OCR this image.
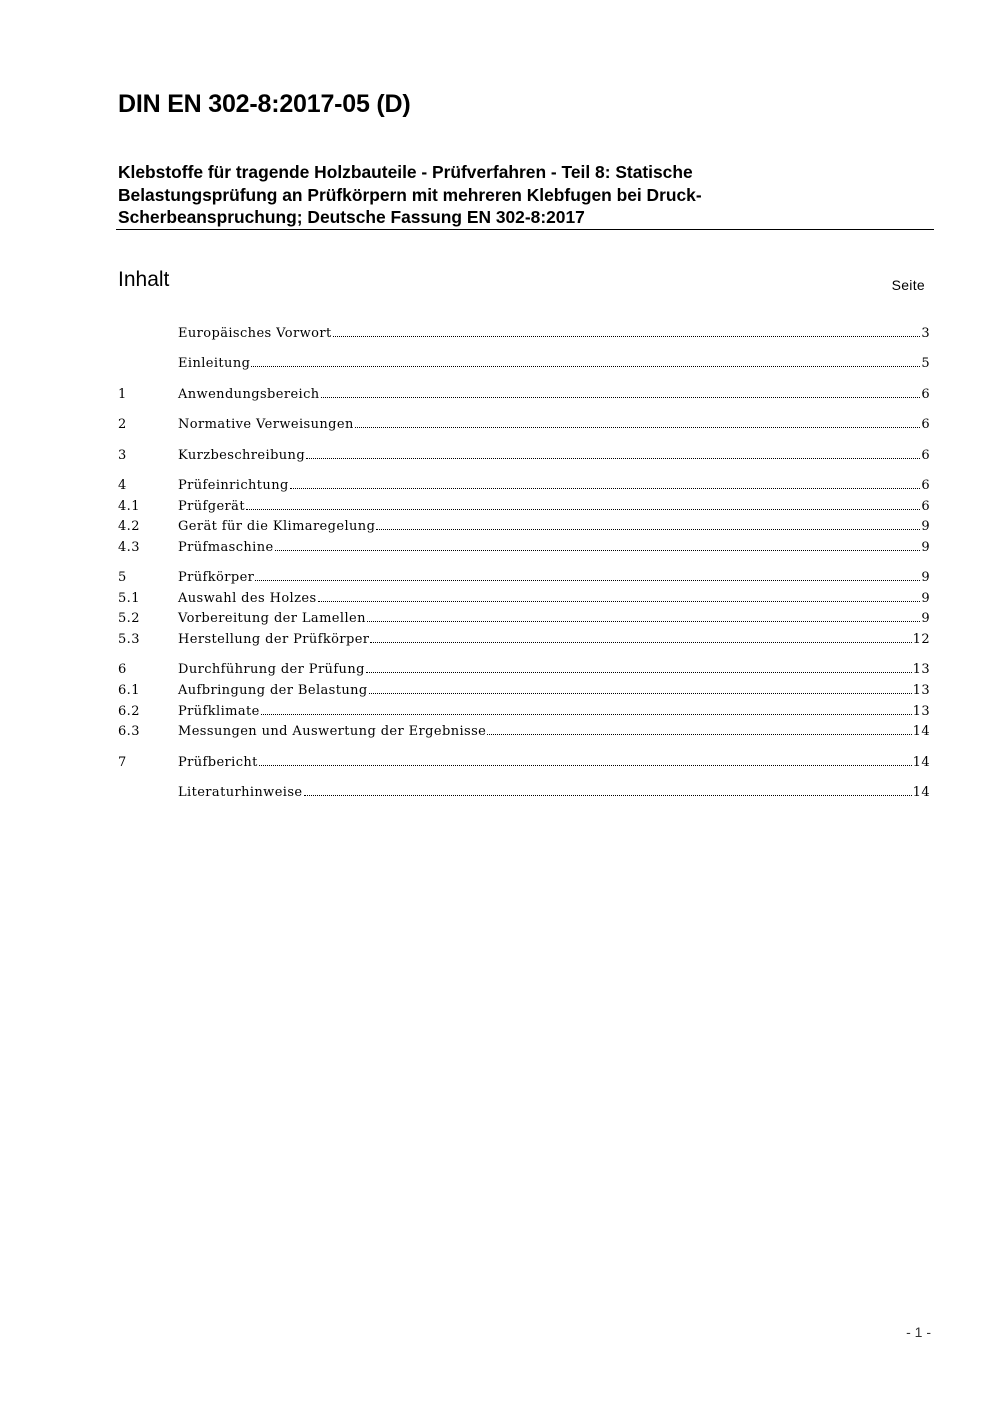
DIN EN 302-8:2017-05 (D)
Klebstoffe für tragende Holzbauteile - Prüfverfahren - Teil 8: Statische
Belastungsprüfung an Prüfkörpern mit mehreren Klebfugen bei Druck-
Scherbeanspruchung; Deutsche Fassung EN 302-8:2017
Inhalt	Seite
Europäisches Vorwort	3
Einleitung	5
1	Anwendungsbereich	6
2	Normative Verweisungen	6
3	Kurzbeschreibung	6
4	Prüfeinrichtung	6
4.1	Prüfgerät	6
4.2	Gerät für die Klimaregelung	9
4.3	Prüfmaschine	9
5	Prüfkörper	9
5.1	Auswahl des Holzes	9
5.2	Vorbereitung der Lamellen	9
5.3	Herstellung der Prüfkörper	12
6	Durchführung der Prüfung	13
6.1	Aufbringung der Belastung	13
6.2	Prüfklimate	13
6.3	Messungen und Auswertung der Ergebnisse	14
7	Prüfbericht	14
Literaturhinweise	14
- 1 -
